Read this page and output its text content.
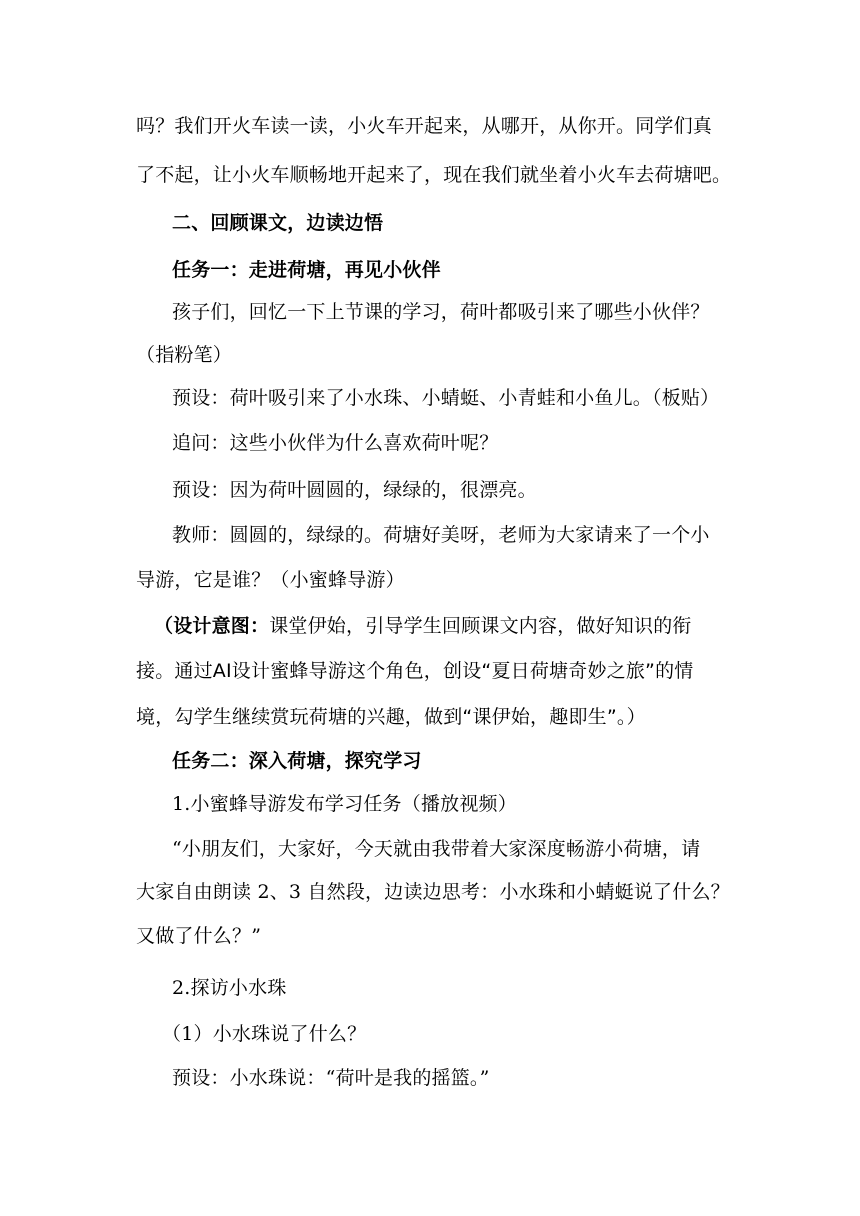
吗？我们开火车读一读，小火车开起来，从哪开，从你开。同学们真
了不起，让小火车顺畅地开起来了，现在我们就坐着小火车去荷塘吧。
二、回顾课文，边读边悟
任务一：走进荷塘，再见小伙伴
孩子们，回忆一下上节课的学习，荷叶都吸引来了哪些小伙伴？
（指粉笔）
预设：荷叶吸引来了小水珠、小蜻蜓、小青蛙和小鱼儿。（板贴）
追问：这些小伙伴为什么喜欢荷叶呢？
预设：因为荷叶圆圆的，绿绿的，很漂亮。
教师：圆圆的，绿绿的。荷塘好美呀，老师为大家请来了一个小
导游，它是谁？（小蜜蜂导游）
（设计意图：课堂伊始，引导学生回顾课文内容，做好知识的衔
接。通过AI设计蜜蜂导游这个角色，创设“夏日荷塘奇妙之旅”的情
境，勾学生继续赏玩荷塘的兴趣，做到“课伊始，趣即生”。）
任务二：深入荷塘，探究学习
1.小蜜蜂导游发布学习任务（播放视频）
“小朋友们，大家好，今天就由我带着大家深度畅游小荷塘，请
大家自由朗读 2、3 自然段，边读边思考：小水珠和小蜻蜓说了什么？
又做了什么？”
2.探访小水珠
（1）小水珠说了什么？
预设：小水珠说：“荷叶是我的摇篮。”
